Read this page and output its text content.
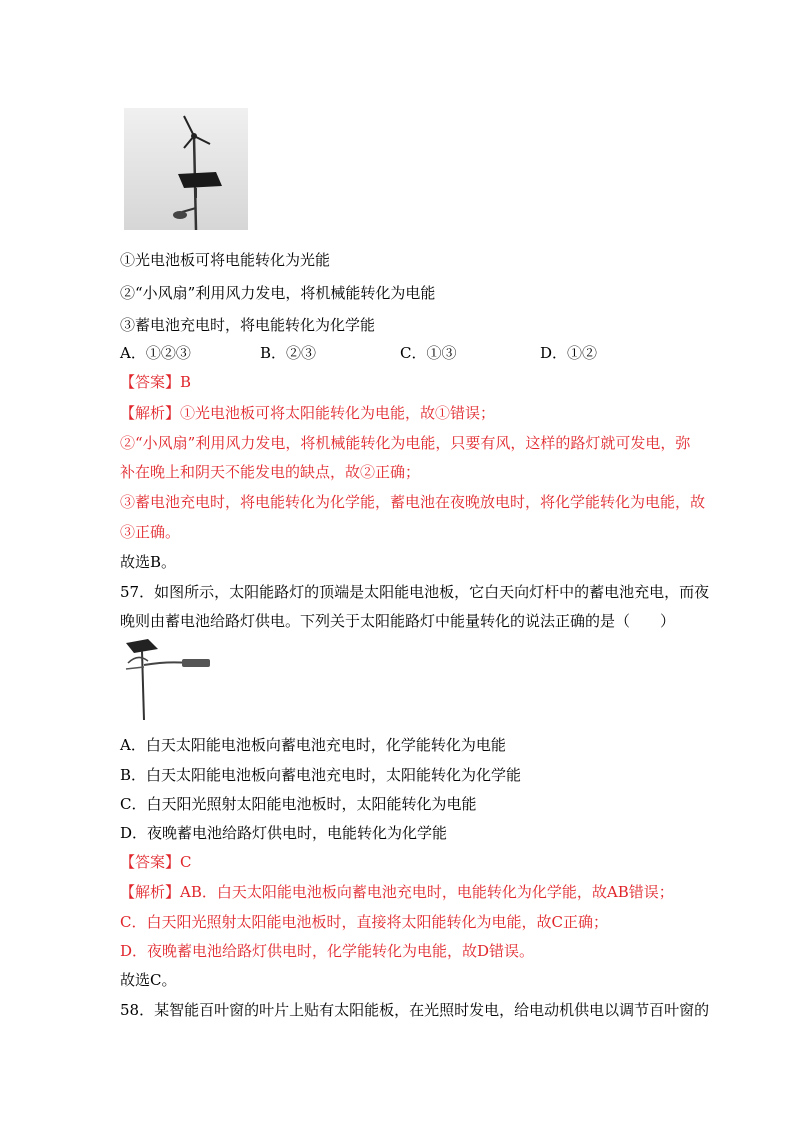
①光电池板可将电能转化为光能
②“小风扇”利用风力发电，将机械能转化为电能
③蓄电池充电时，将电能转化为化学能
A．①②③	B．②③	C．①③	D．①②
【答案】B
【解析】①光电池板可将太阳能转化为电能，故①错误；
②“小风扇”利用风力发电，将机械能转化为电能，只要有风，这样的路灯就可发电，弥
补在晚上和阴天不能发电的缺点，故②正确；
③蓄电池充电时，将电能转化为化学能，蓄电池在夜晚放电时，将化学能转化为电能，故
③正确。
故选B。
57．如图所示，太阳能路灯的顶端是太阳能电池板，它白天向灯杆中的蓄电池充电，而夜
晚则由蓄电池给路灯供电。下列关于太阳能路灯中能量转化的说法正确的是（　　）
A．白天太阳能电池板向蓄电池充电时，化学能转化为电能
B．白天太阳能电池板向蓄电池充电时，太阳能转化为化学能
C．白天阳光照射太阳能电池板时，太阳能转化为电能
D．夜晚蓄电池给路灯供电时，电能转化为化学能
【答案】C
【解析】AB．白天太阳能电池板向蓄电池充电时，电能转化为化学能，故AB错误；
C．白天阳光照射太阳能电池板时，直接将太阳能转化为电能，故C正确；
D．夜晚蓄电池给路灯供电时，化学能转化为电能，故D错误。
故选C。
58．某智能百叶窗的叶片上贴有太阳能板，在光照时发电，给电动机供电以调节百叶窗的
